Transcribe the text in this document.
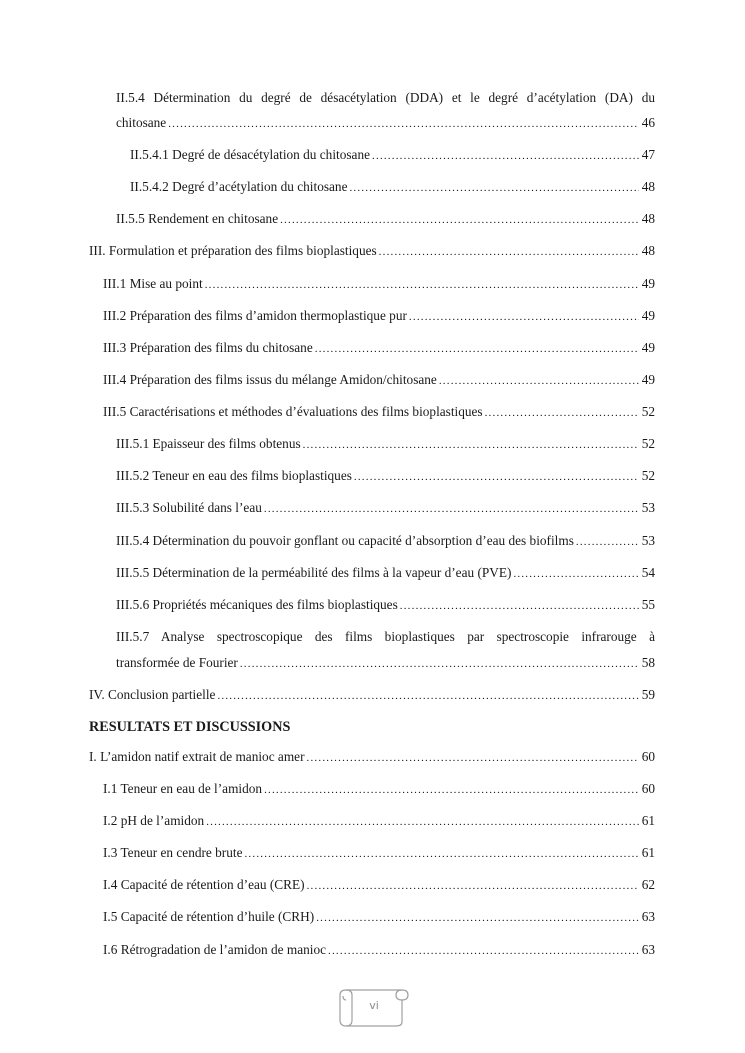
II.5.4 Détermination du degré de désacétylation (DDA) et le degré d’acétylation (DA) du
chitosane .....	46
II.5.4.1 Degré de désacétylation du chitosane .....	47
II.5.4.2 Degré d’acétylation du chitosane .....	48
II.5.5 Rendement en chitosane .....	48
III. Formulation et préparation des films bioplastiques .....	48
III.1 Mise au point .....	49
III.2 Préparation des films d’amidon thermoplastique pur .....	49
III.3 Préparation des films du chitosane .....	49
III.4 Préparation des films issus du mélange Amidon/chitosane .....	49
III.5 Caractérisations et méthodes d’évaluations des films bioplastiques .....	52
III.5.1 Epaisseur des films obtenus .....	52
III.5.2 Teneur en eau des films bioplastiques .....	52
III.5.3 Solubilité dans l’eau .....	53
III.5.4 Détermination du pouvoir gonflant ou capacité d’absorption d’eau des biofilms .....	53
III.5.5 Détermination de la perméabilité des films à la vapeur d’eau (PVE) .....	54
III.5.6 Propriétés mécaniques des films bioplastiques .....	55
III.5.7 Analyse spectroscopique des films bioplastiques par spectroscopie infrarouge à
transformée de Fourier .....	58
IV. Conclusion partielle .....	59
RESULTATS ET DISCUSSIONS
I. L’amidon natif extrait de manioc amer .....	60
I.1 Teneur en eau de l’amidon .....	60
I.2 pH de l’amidon .....	61
I.3 Teneur en cendre brute .....	61
I.4 Capacité de rétention d’eau (CRE) .....	62
I.5 Capacité de rétention d’huile (CRH) .....	63
I.6 Rétrogradation de l’amidon de manioc .....	63
vi
